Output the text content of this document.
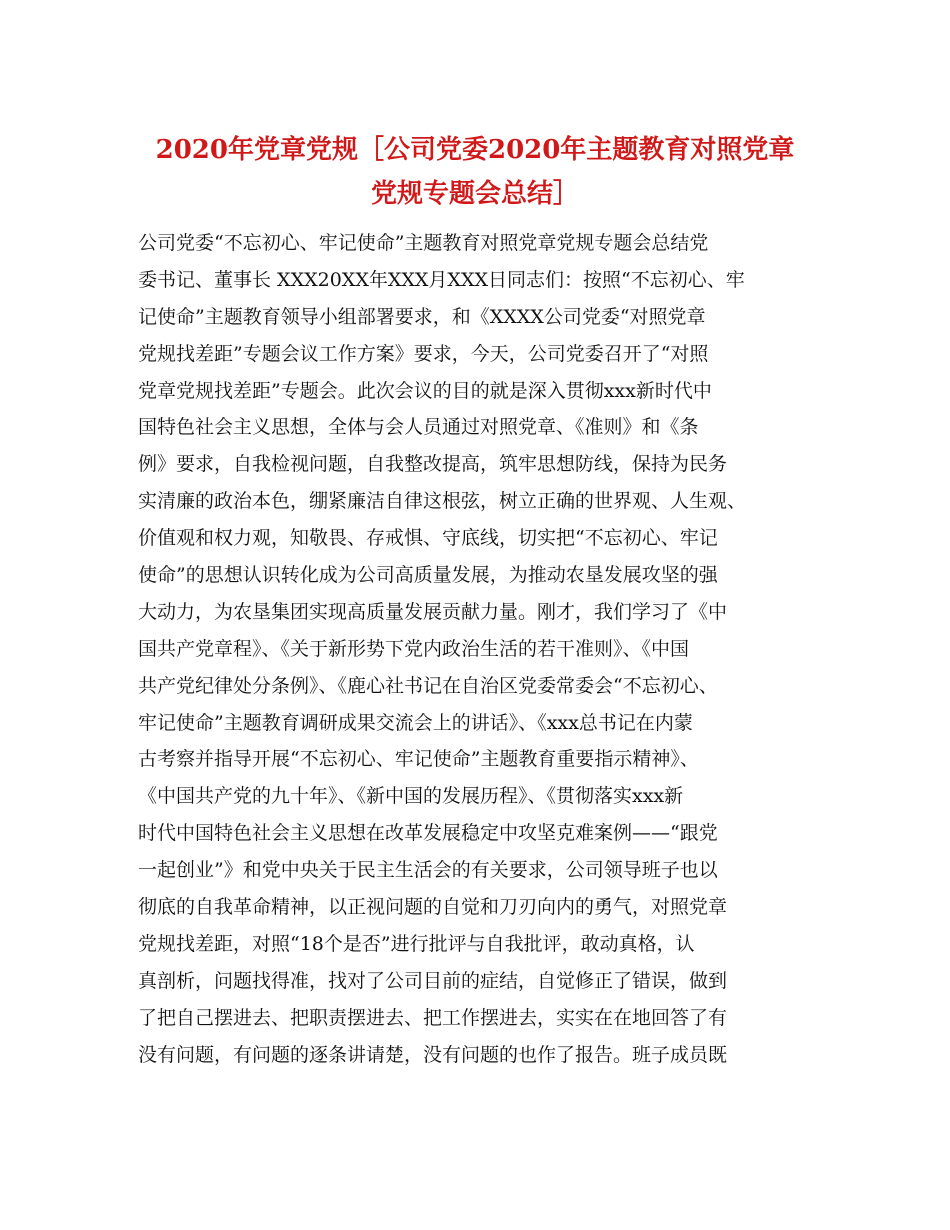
2020年党章党规［公司党委2020年主题教育对照党章
党规专题会总结］
公司党委“不忘初心、牢记使命”主题教育对照党章党规专题会总结党
委书记、董事长 XXX20XX年XXX月XXX日同志们：按照“不忘初心、牢
记使命”主题教育领导小组部署要求，和《XXXX公司党委“对照党章
党规找差距”专题会议工作方案》要求，今天，公司党委召开了“对照
党章党规找差距”专题会。此次会议的目的就是深入贯彻xxx新时代中
国特色社会主义思想，全体与会人员通过对照党章、《准则》和《条
例》要求，自我检视问题，自我整改提高，筑牢思想防线，保持为民务
实清廉的政治本色，绷紧廉洁自律这根弦，树立正确的世界观、人生观、
价值观和权力观，知敬畏、存戒惧、守底线，切实把“不忘初心、牢记
使命”的思想认识转化成为公司高质量发展，为推动农垦发展攻坚的强
大动力，为农垦集团实现高质量发展贡献力量。刚才，我们学习了《中
国共产党章程》、《关于新形势下党内政治生活的若干准则》、《中国
共产党纪律处分条例》、《鹿心社书记在自治区党委常委会“不忘初心、
牢记使命”主题教育调研成果交流会上的讲话》、《xxx总书记在内蒙
古考察并指导开展“不忘初心、牢记使命”主题教育重要指示精神》、
《中国共产党的九十年》、《新中国的发展历程》、《贯彻落实xxx新
时代中国特色社会主义思想在改革发展稳定中攻坚克难案例——“跟党
一起创业”》和党中央关于民主生活会的有关要求，公司领导班子也以
彻底的自我革命精神，以正视问题的自觉和刀刃向内的勇气，对照党章
党规找差距，对照“18个是否”进行批评与自我批评，敢动真格，认
真剖析，问题找得准，找对了公司目前的症结，自觉修正了错误，做到
了把自己摆进去、把职责摆进去、把工作摆进去，实实在在地回答了有
没有问题，有问题的逐条讲请楚，没有问题的也作了报告。班子成员既
